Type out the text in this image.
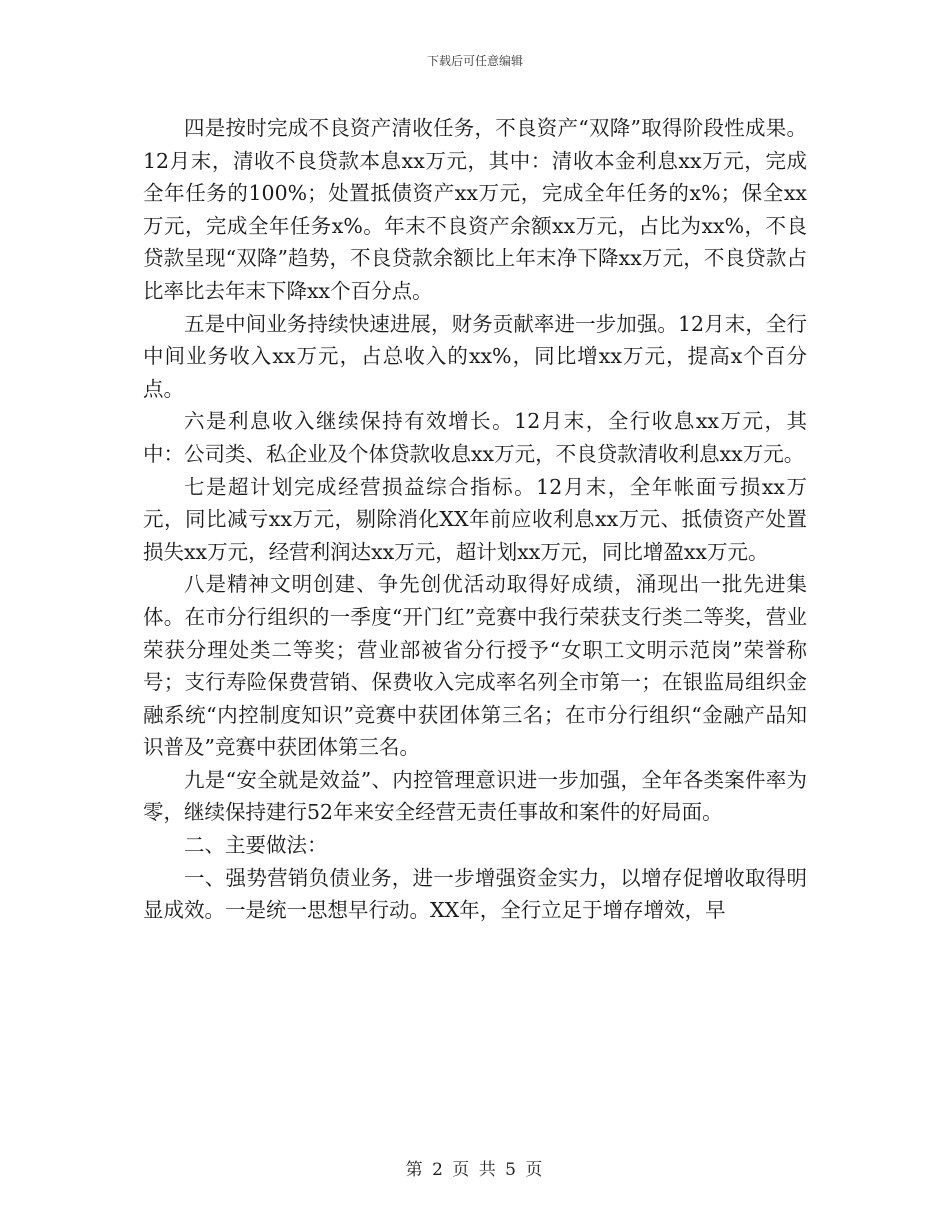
下载后可任意编辑

四是按时完成不良资产清收任务，不良资产“双降”取得阶段性成果。12月末，清收不良贷款本息xx万元，其中：清收本金利息xx万元，完成全年任务的100%；处置抵债资产xx万元，完成全年任务的x%；保全xx万元，完成全年任务x%。年末不良资产余额xx万元，占比为xx%，不良贷款呈现“双降”趋势，不良贷款余额比上年末净下降xx万元，不良贷款占比率比去年末下降xx个百分点。

五是中间业务持续快速进展，财务贡献率进一步加强。12月末，全行中间业务收入xx万元，占总收入的xx%，同比增xx万元，提高x个百分点。

六是利息收入继续保持有效增长。12月末，全行收息xx万元，其中：公司类、私企业及个体贷款收息xx万元，不良贷款清收利息xx万元。

七是超计划完成经营损益综合指标。12月末，全年帐面亏损xx万元，同比减亏xx万元，剔除消化XX年前应收利息xx万元、抵债资产处置损失xx万元，经营利润达xx万元，超计划xx万元，同比增盈xx万元。

八是精神文明创建、争先创优活动取得好成绩，涌现出一批先进集体。在市分行组织的一季度“开门红”竞赛中我行荣获支行类二等奖，营业荣获分理处类二等奖；营业部被省分行授予“女职工文明示范岗”荣誉称号；支行寿险保费营销、保费收入完成率名列全市第一；在银监局组织金融系统“内控制度知识”竞赛中获团体第三名；在市分行组织“金融产品知识普及”竞赛中获团体第三名。

九是“安全就是效益”、内控管理意识进一步加强，全年各类案件率为零，继续保持建行52年来安全经营无责任事故和案件的好局面。

二、主要做法：

一、强势营销负债业务，进一步增强资金实力，以增存促增收取得明显成效。一是统一思想早行动。XX年，全行立足于增存增效，早

第 2 页 共 5 页
